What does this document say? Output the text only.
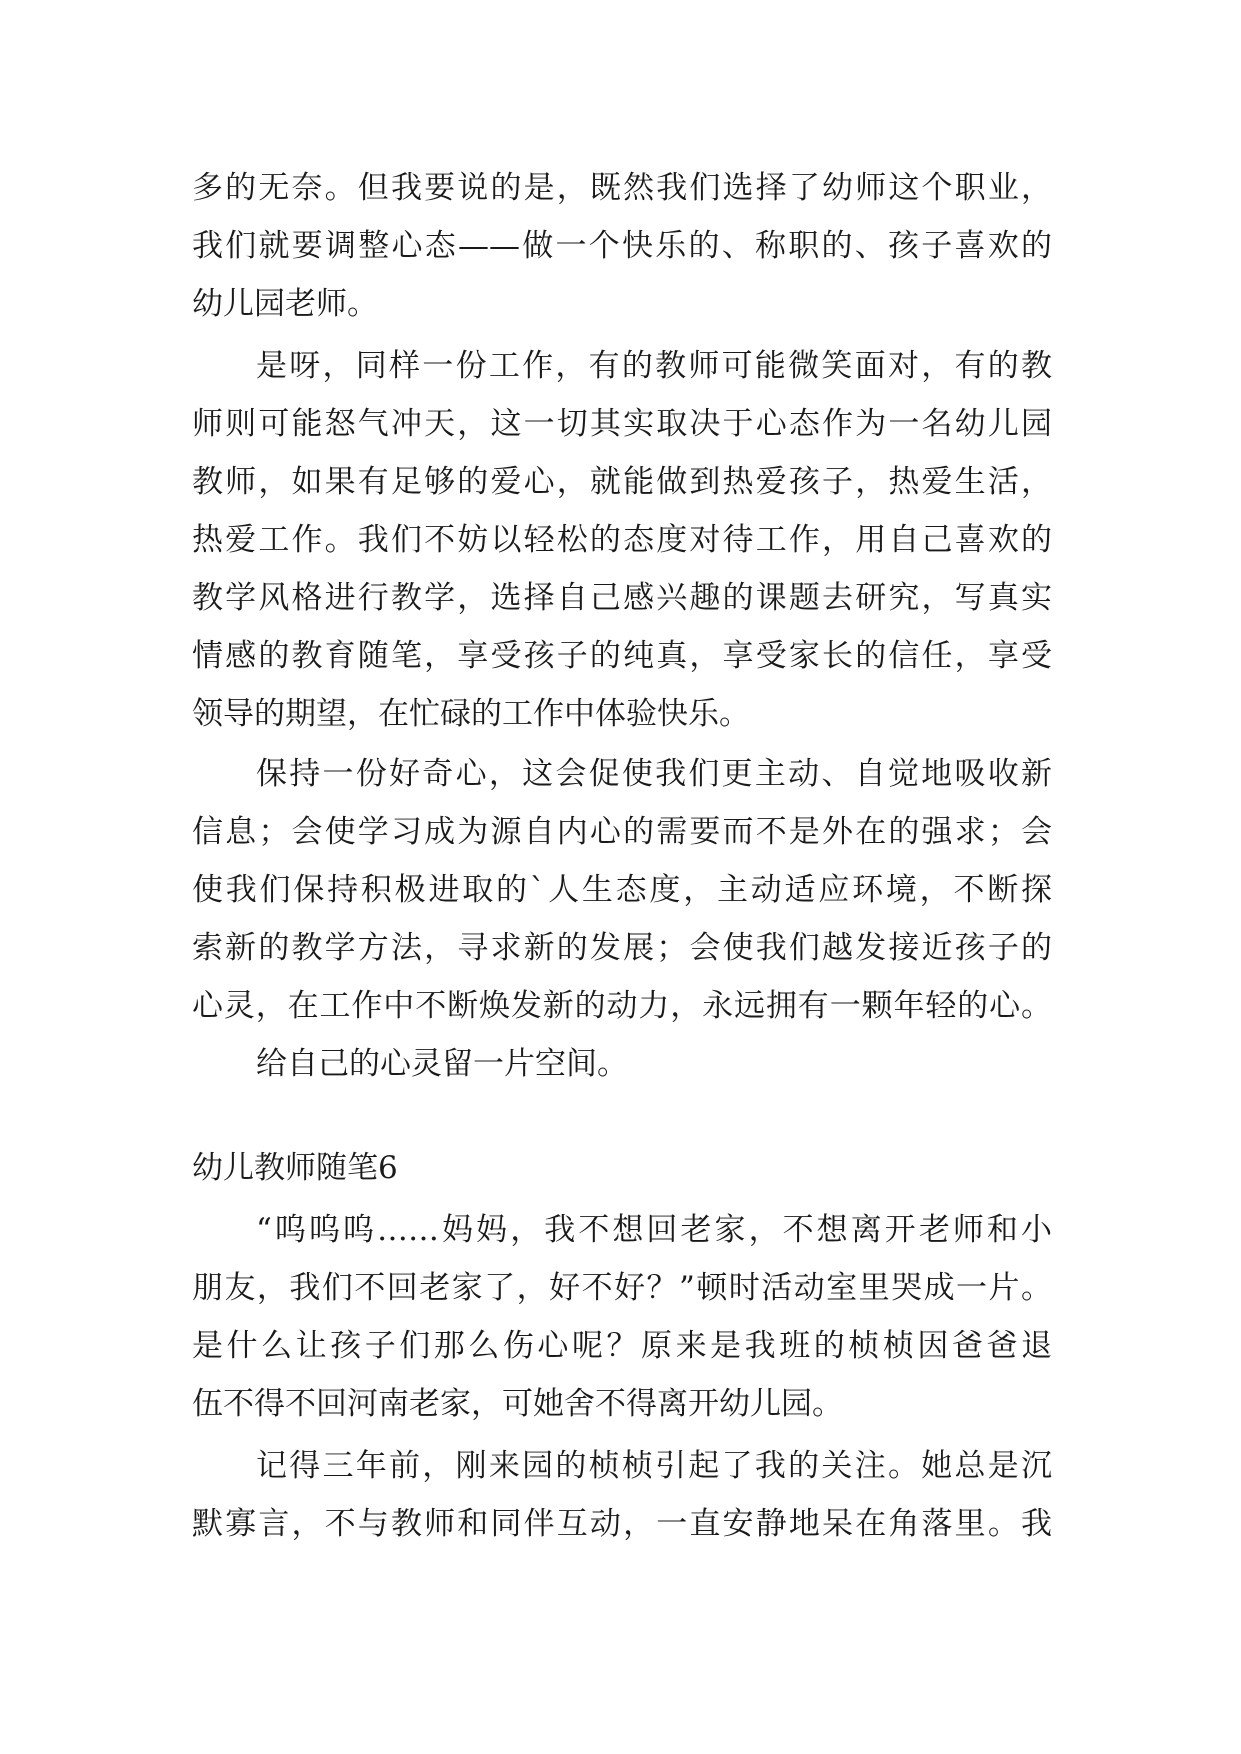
多的无奈。但我要说的是，既然我们选择了幼师这个职业，
我们就要调整心态——做一个快乐的、称职的、孩子喜欢的
幼儿园老师。
是呀，同样一份工作，有的教师可能微笑面对，有的教
师则可能怒气冲天，这一切其实取决于心态作为一名幼儿园
教师，如果有足够的爱心，就能做到热爱孩子，热爱生活，
热爱工作。我们不妨以轻松的态度对待工作，用自己喜欢的
教学风格进行教学，选择自己感兴趣的课题去研究，写真实
情感的教育随笔，享受孩子的纯真，享受家长的信任，享受
领导的期望，在忙碌的工作中体验快乐。
保持一份好奇心，这会促使我们更主动、自觉地吸收新
信息；会使学习成为源自内心的需要而不是外在的强求；会
使我们保持积极进取的`人生态度，主动适应环境，不断探
索新的教学方法，寻求新的发展；会使我们越发接近孩子的
心灵，在工作中不断焕发新的动力，永远拥有一颗年轻的心。
给自己的心灵留一片空间。
幼儿教师随笔6
“呜呜呜……妈妈，我不想回老家，不想离开老师和小
朋友，我们不回老家了，好不好？”顿时活动室里哭成一片。
是什么让孩子们那么伤心呢？原来是我班的桢桢因爸爸退
伍不得不回河南老家，可她舍不得离开幼儿园。
记得三年前，刚来园的桢桢引起了我的关注。她总是沉
默寡言，不与教师和同伴互动，一直安静地呆在角落里。我
